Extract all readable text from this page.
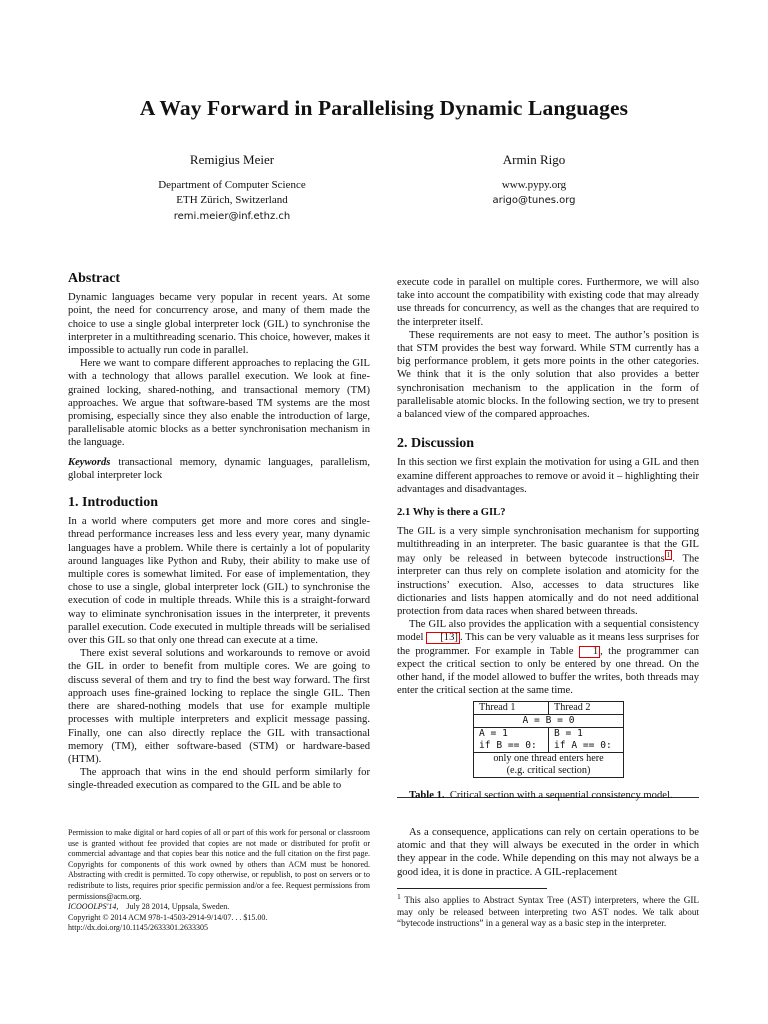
A Way Forward in Parallelising Dynamic Languages
Remigius Meier
Department of Computer Science
ETH Zürich, Switzerland
remi.meier@inf.ethz.ch
Armin Rigo
www.pypy.org
arigo@tunes.org
Abstract

Dynamic languages became very popular in recent years. At some point, the need for concurrency arose, and many of them made the choice to use a single global interpreter lock (GIL) to synchronise the interpreter in a multithreading scenario. This choice, however, makes it impossible to actually run code in parallel.

Here we want to compare different approaches to replacing the GIL with a technology that allows parallel execution. We look at fine-grained locking, shared-nothing, and transactional memory (TM) approaches. We argue that software-based TM systems are the most promising, especially since they also enable the introduction of large, parallelisable atomic blocks as a better synchronisation mechanism in the language.

Keywords transactional memory, dynamic languages, parallelism, global interpreter lock
1. Introduction

In a world where computers get more and more cores and single-thread performance increases less and less every year, many dynamic languages have a problem. While there is certainly a lot of popularity around languages like Python and Ruby, their ability to make use of multiple cores is somewhat limited. For ease of implementation, they chose to use a single, global interpreter lock (GIL) to synchronise the execution of code in multiple threads. While this is a straight-forward way to eliminate synchronisation issues in the interpreter, it prevents parallel execution. Code executed in multiple threads will be serialised over this GIL so that only one thread can execute at a time.

There exist several solutions and workarounds to remove or avoid the GIL in order to benefit from multiple cores. We are going to discuss several of them and try to find the best way forward. The first approach uses fine-grained locking to replace the single GIL. Then there are shared-nothing models that use for example multiple processes with multiple interpreters and explicit message passing. Finally, one can also directly replace the GIL with transactional memory (TM), either software-based (STM) or hardware-based (HTM).

The approach that wins in the end should perform similarly for single-threaded execution as compared to the GIL and be able to

Permission to make digital or hard copies of all or part of this work for personal or classroom use is granted without fee provided that copies are not made or distributed for profit or commercial advantage and that copies bear this notice and the full citation on the first page. Copyrights for components of this work owned by others than ACM must be honored. Abstracting with credit is permitted. To copy otherwise, or republish, to post on servers or to redistribute to lists, requires prior specific permission and/or a fee. Request permissions from permissions@acm.org.

ICOOOLPS'14, July 28 2014, Uppsala, Sweden.

Copyright © 2014 ACM 978-1-4503-2914-9/14/07. . . $15.00.

http://dx.doi.org/10.1145/2633301.2633305

execute code in parallel on multiple cores. Furthermore, we will also take into account the compatibility with existing code that may already use threads for concurrency, as well as the changes that are required to the interpreter itself.

These requirements are not easy to meet. The author’s position is that STM provides the best way forward. While STM currently has a big performance problem, it gets more points in the other categories. We think that it is the only solution that also provides a better synchronisation mechanism to the application in the form of parallelisable atomic blocks. In the following section, we try to present a balanced view of the compared approaches.

2. Discussion

In this section we first explain the motivation for using a GIL and then examine different approaches to remove or avoid it – highlighting their advantages and disadvantages.

2.1 Why is there a GIL?

The GIL is a very simple synchronisation mechanism for supporting multithreading in an interpreter. The basic guarantee is that the GIL may only be released in between bytecode instructions $^1$ . The interpreter can thus rely on complete isolation and atomicity for the instructions’ execution. Also, accesses to data structures like dictionaries and lists happen atomically and do not need additional protection from data races when shared between threads.

The GIL also provides the application with a sequential consistency model [13] . This can be very valuable as it means less surprises for the programmer. For example in Table 1 , the programmer can expect the critical section to only be entered by one thread. On the other hand, if the model allowed to buffer the writes, both threads may enter the critical section at the same time.

Thread 1	Thread 2
A = B = 0	
A = 1	B = 1
if B == 0:	if A == 0:
only one thread enters here	
(e.g. critical section)	
Table 1. Critical section with a sequential consistency model.

As a consequence, applications can rely on certain operations to be atomic and that they will always be executed in the order in which they appear in the code. While depending on this may not always be a good idea, it is done in practice. A GIL-replacement

$^1$ This also applies to Abstract Syntax Tree (AST) interpreters, where the GIL may only be released between interpreting two AST nodes. We talk about “bytecode instructions” in a general way as a basic step in the interpreter.
